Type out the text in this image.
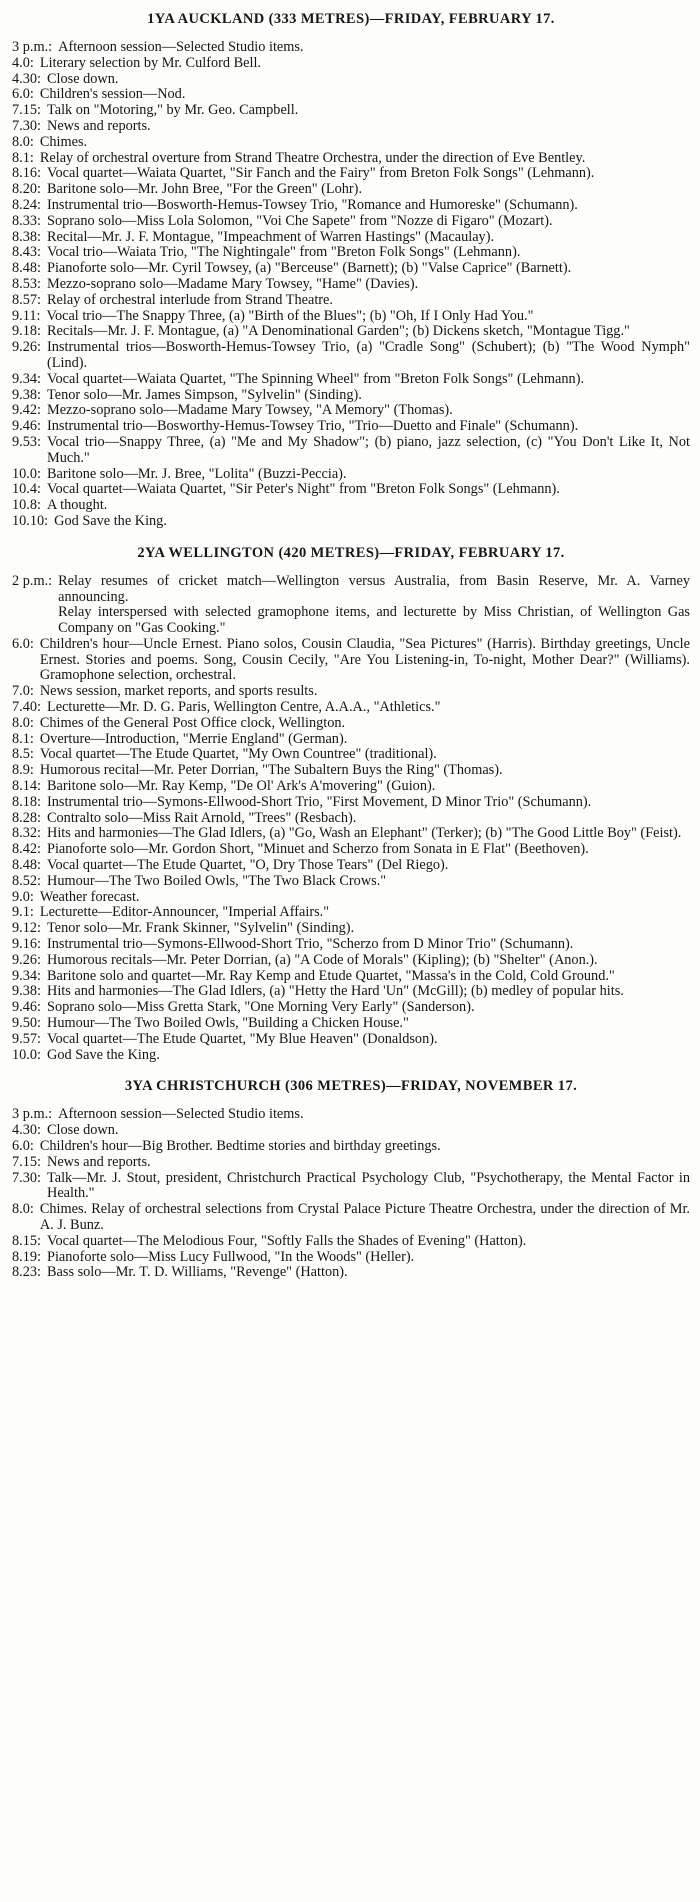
1YA AUCKLAND (333 METRES)—FRIDAY, FEBRUARY 17.
3 p.m.: Afternoon session—Selected Studio items.
4.0: Literary selection by Mr. Culford Bell.
4.30: Close down.
6.0: Children's session—Nod.
7.15: Talk on "Motoring," by Mr. Geo. Campbell.
7.30: News and reports.
8.0: Chimes.
8.1: Relay of orchestral overture from Strand Theatre Orchestra, under the direction of Eve Bentley.
8.16: Vocal quartet—Waiata Quartet, "Sir Fanch and the Fairy" from Breton Folk Songs" (Lehmann).
8.20: Baritone solo—Mr. John Bree, "For the Green" (Lohr).
8.24: Instrumental trio—Bosworth-Hemus-Towsey Trio, "Romance and Humoreske" (Schumann).
8.33: Soprano solo—Miss Lola Solomon, "Voi Che Sapete" from "Nozze di Figaro" (Mozart).
8.38: Recital—Mr. J. F. Montague, "Impeachment of Warren Hastings" (Macaulay).
8.43: Vocal trio—Waiata Trio, "The Nightingale" from "Breton Folk Songs" (Lehmann).
8.48: Pianoforte solo—Mr. Cyril Towsey, (a) "Berceuse" (Barnett); (b) "Valse Caprice" (Barnett).
8.53: Mezzo-soprano solo—Madame Mary Towsey, "Hame" (Davies).
8.57: Relay of orchestral interlude from Strand Theatre.
9.11: Vocal trio—The Snappy Three, (a) "Birth of the Blues"; (b) "Oh, If I Only Had You."
9.18: Recitals—Mr. J. F. Montague, (a) "A Denominational Garden"; (b) Dickens sketch, "Montague Tigg."
9.26: Instrumental trios—Bosworth-Hemus-Towsey Trio, (a) "Cradle Song" (Schubert); (b) "The Wood Nymph" (Lind).
9.34: Vocal quartet—Waiata Quartet, "The Spinning Wheel" from "Breton Folk Songs" (Lehmann).
9.38: Tenor solo—Mr. James Simpson, "Sylvelin" (Sinding).
9.42: Mezzo-soprano solo—Madame Mary Towsey, "A Memory" (Thomas).
9.46: Instrumental trio—Bosworthy-Hemus-Towsey Trio, "Trio—Duetto and Finale" (Schumann).
9.53: Vocal trio—Snappy Three, (a) "Me and My Shadow"; (b) piano, jazz selection, (c) "You Don't Like It, Not Much."
10.0: Baritone solo—Mr. J. Bree, "Lolita" (Buzzi-Peccia).
10.4: Vocal quartet—Waiata Quartet, "Sir Peter's Night" from "Breton Folk Songs" (Lehmann).
10.8: A thought.
10.10: God Save the King.
2YA WELLINGTON (420 METRES)—FRIDAY, FEBRUARY 17.
2 p.m.: Relay resumes of cricket match—Wellington versus Australia, from Basin Reserve, Mr. A. Varney announcing.
Relay interspersed with selected gramophone items, and lecturette by Miss Christian, of Wellington Gas Company on "Gas Cooking."
6.0: Children's hour—Uncle Ernest. Piano solos, Cousin Claudia, "Sea Pictures" (Harris). Birthday greetings, Uncle Ernest. Stories and poems. Song, Cousin Cecily, "Are You Listening-in, To-night, Mother Dear?" (Williams). Gramophone selection, orchestral.
7.0: News session, market reports, and sports results.
7.40: Lecturette—Mr. D. G. Paris, Wellington Centre, A.A.A., "Athletics."
8.0: Chimes of the General Post Office clock, Wellington.
8.1: Overture—Introduction, "Merrie England" (German).
8.5: Vocal quartet—The Etude Quartet, "My Own Countree" (traditional).
8.9: Humorous recital—Mr. Peter Dorrian, "The Subaltern Buys the Ring" (Thomas).
8.14: Baritone solo—Mr. Ray Kemp, "De Ol' Ark's A'movering" (Guion).
8.18: Instrumental trio—Symons-Ellwood-Short Trio, "First Movement, D Minor Trio" (Schumann).
8.28: Contralto solo—Miss Rait Arnold, "Trees" (Resbach).
8.32: Hits and harmonies—The Glad Idlers, (a) "Go, Wash an Elephant" (Terker); (b) "The Good Little Boy" (Feist).
8.42: Pianoforte solo—Mr. Gordon Short, "Minuet and Scherzo from Sonata in E Flat" (Beethoven).
8.48: Vocal quartet—The Etude Quartet, "O, Dry Those Tears" (Del Riego).
8.52: Humour—The Two Boiled Owls, "The Two Black Crows."
9.0: Weather forecast.
9.1: Lecturette—Editor-Announcer, "Imperial Affairs."
9.12: Tenor solo—Mr. Frank Skinner, "Sylvelin" (Sinding).
9.16: Instrumental trio—Symons-Ellwood-Short Trio, "Scherzo from D Minor Trio" (Schumann).
9.26: Humorous recitals—Mr. Peter Dorrian, (a) "A Code of Morals" (Kipling); (b) "Shelter" (Anon.).
9.34: Baritone solo and quartet—Mr. Ray Kemp and Etude Quartet, "Massa's in the Cold, Cold Ground."
9.38: Hits and harmonies—The Glad Idlers, (a) "Hetty the Hard 'Un" (McGill); (b) medley of popular hits.
9.46: Soprano solo—Miss Gretta Stark, "One Morning Very Early" (Sanderson).
9.50: Humour—The Two Boiled Owls, "Building a Chicken House."
9.57: Vocal quartet—The Etude Quartet, "My Blue Heaven" (Donaldson).
10.0: God Save the King.
3YA CHRISTCHURCH (306 METRES)—FRIDAY, NOVEMBER 17.
3 p.m.: Afternoon session—Selected Studio items.
4.30: Close down.
6.0: Children's hour—Big Brother. Bedtime stories and birthday greetings.
7.15: News and reports.
7.30: Talk—Mr. J. Stout, president, Christchurch Practical Psychology Club, "Psychotherapy, the Mental Factor in Health."
8.0: Chimes. Relay of orchestral selections from Crystal Palace Picture Theatre Orchestra, under the direction of Mr. A. J. Bunz.
8.15: Vocal quartet—The Melodious Four, "Softly Falls the Shades of Evening" (Hatton).
8.19: Pianoforte solo—Miss Lucy Fullwood, "In the Woods" (Heller).
8.23: Bass solo—Mr. T. D. Williams, "Revenge" (Hatton).
